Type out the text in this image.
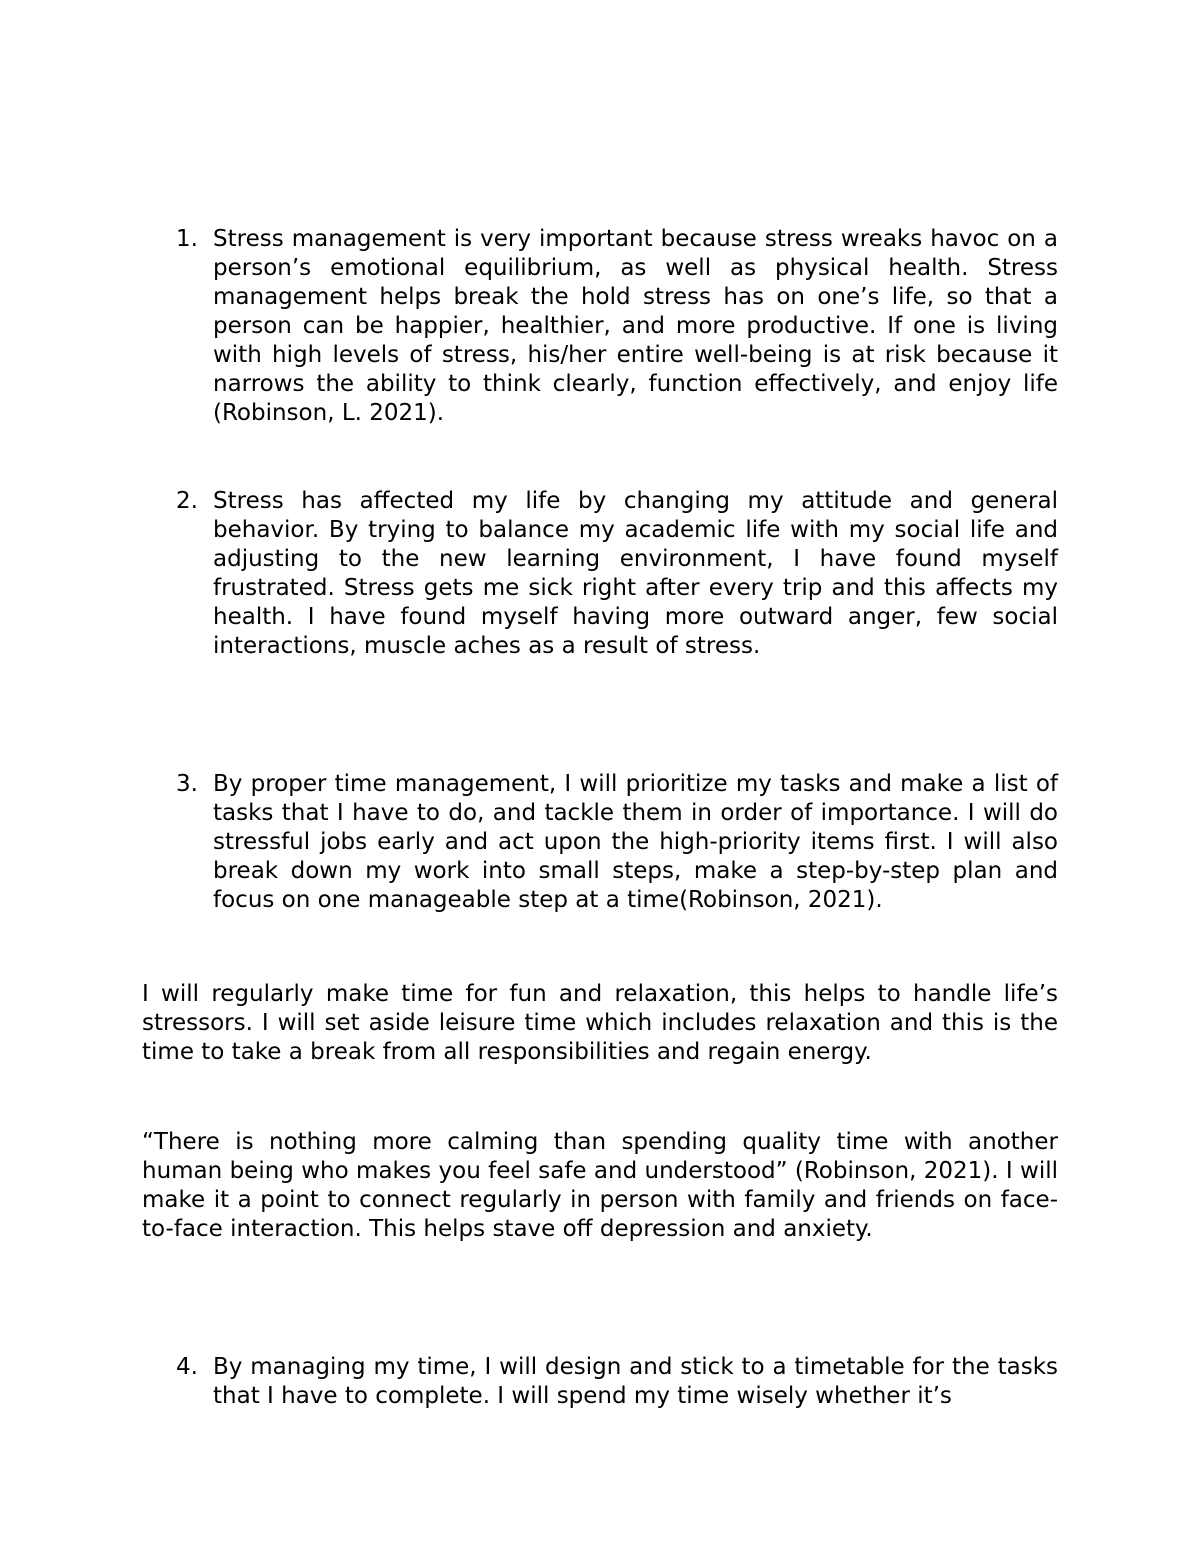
1. Stress management is very important because stress wreaks havoc on a person’s emotional equilibrium, as well as physical health. Stress management helps break the hold stress has on one’s life, so that a person can be happier, healthier, and more productive. If one is living with high levels of stress, his/her entire well-being is at risk because it narrows the ability to think clearly, function effectively, and enjoy life (Robinson, L. 2021).

2. Stress has affected my life by changing my attitude and general behavior. By trying to balance my academic life with my social life and adjusting to the new learning environment, I have found myself frustrated. Stress gets me sick right after every trip and this affects my health. I have found myself having more outward anger, few social interactions, muscle aches as a result of stress.

3. By proper time management, I will prioritize my tasks and make a list of tasks that I have to do, and tackle them in order of importance. I will do stressful jobs early and act upon the high-priority items first. I will also break down my work into small steps, make a step-by-step plan and focus on one manageable step at a time(Robinson, 2021).

I will regularly make time for fun and relaxation, this helps to handle life’s stressors. I will set aside leisure time which includes relaxation and this is the time to take a break from all responsibilities and regain energy.

“There is nothing more calming than spending quality time with another human being who makes you feel safe and understood” (Robinson, 2021). I will make it a point to connect regularly in person with family and friends on face-to-face interaction. This helps stave off depression and anxiety.

4. By managing my time, I will design and stick to a timetable for the tasks that I have to complete. I will spend my time wisely whether it’s
